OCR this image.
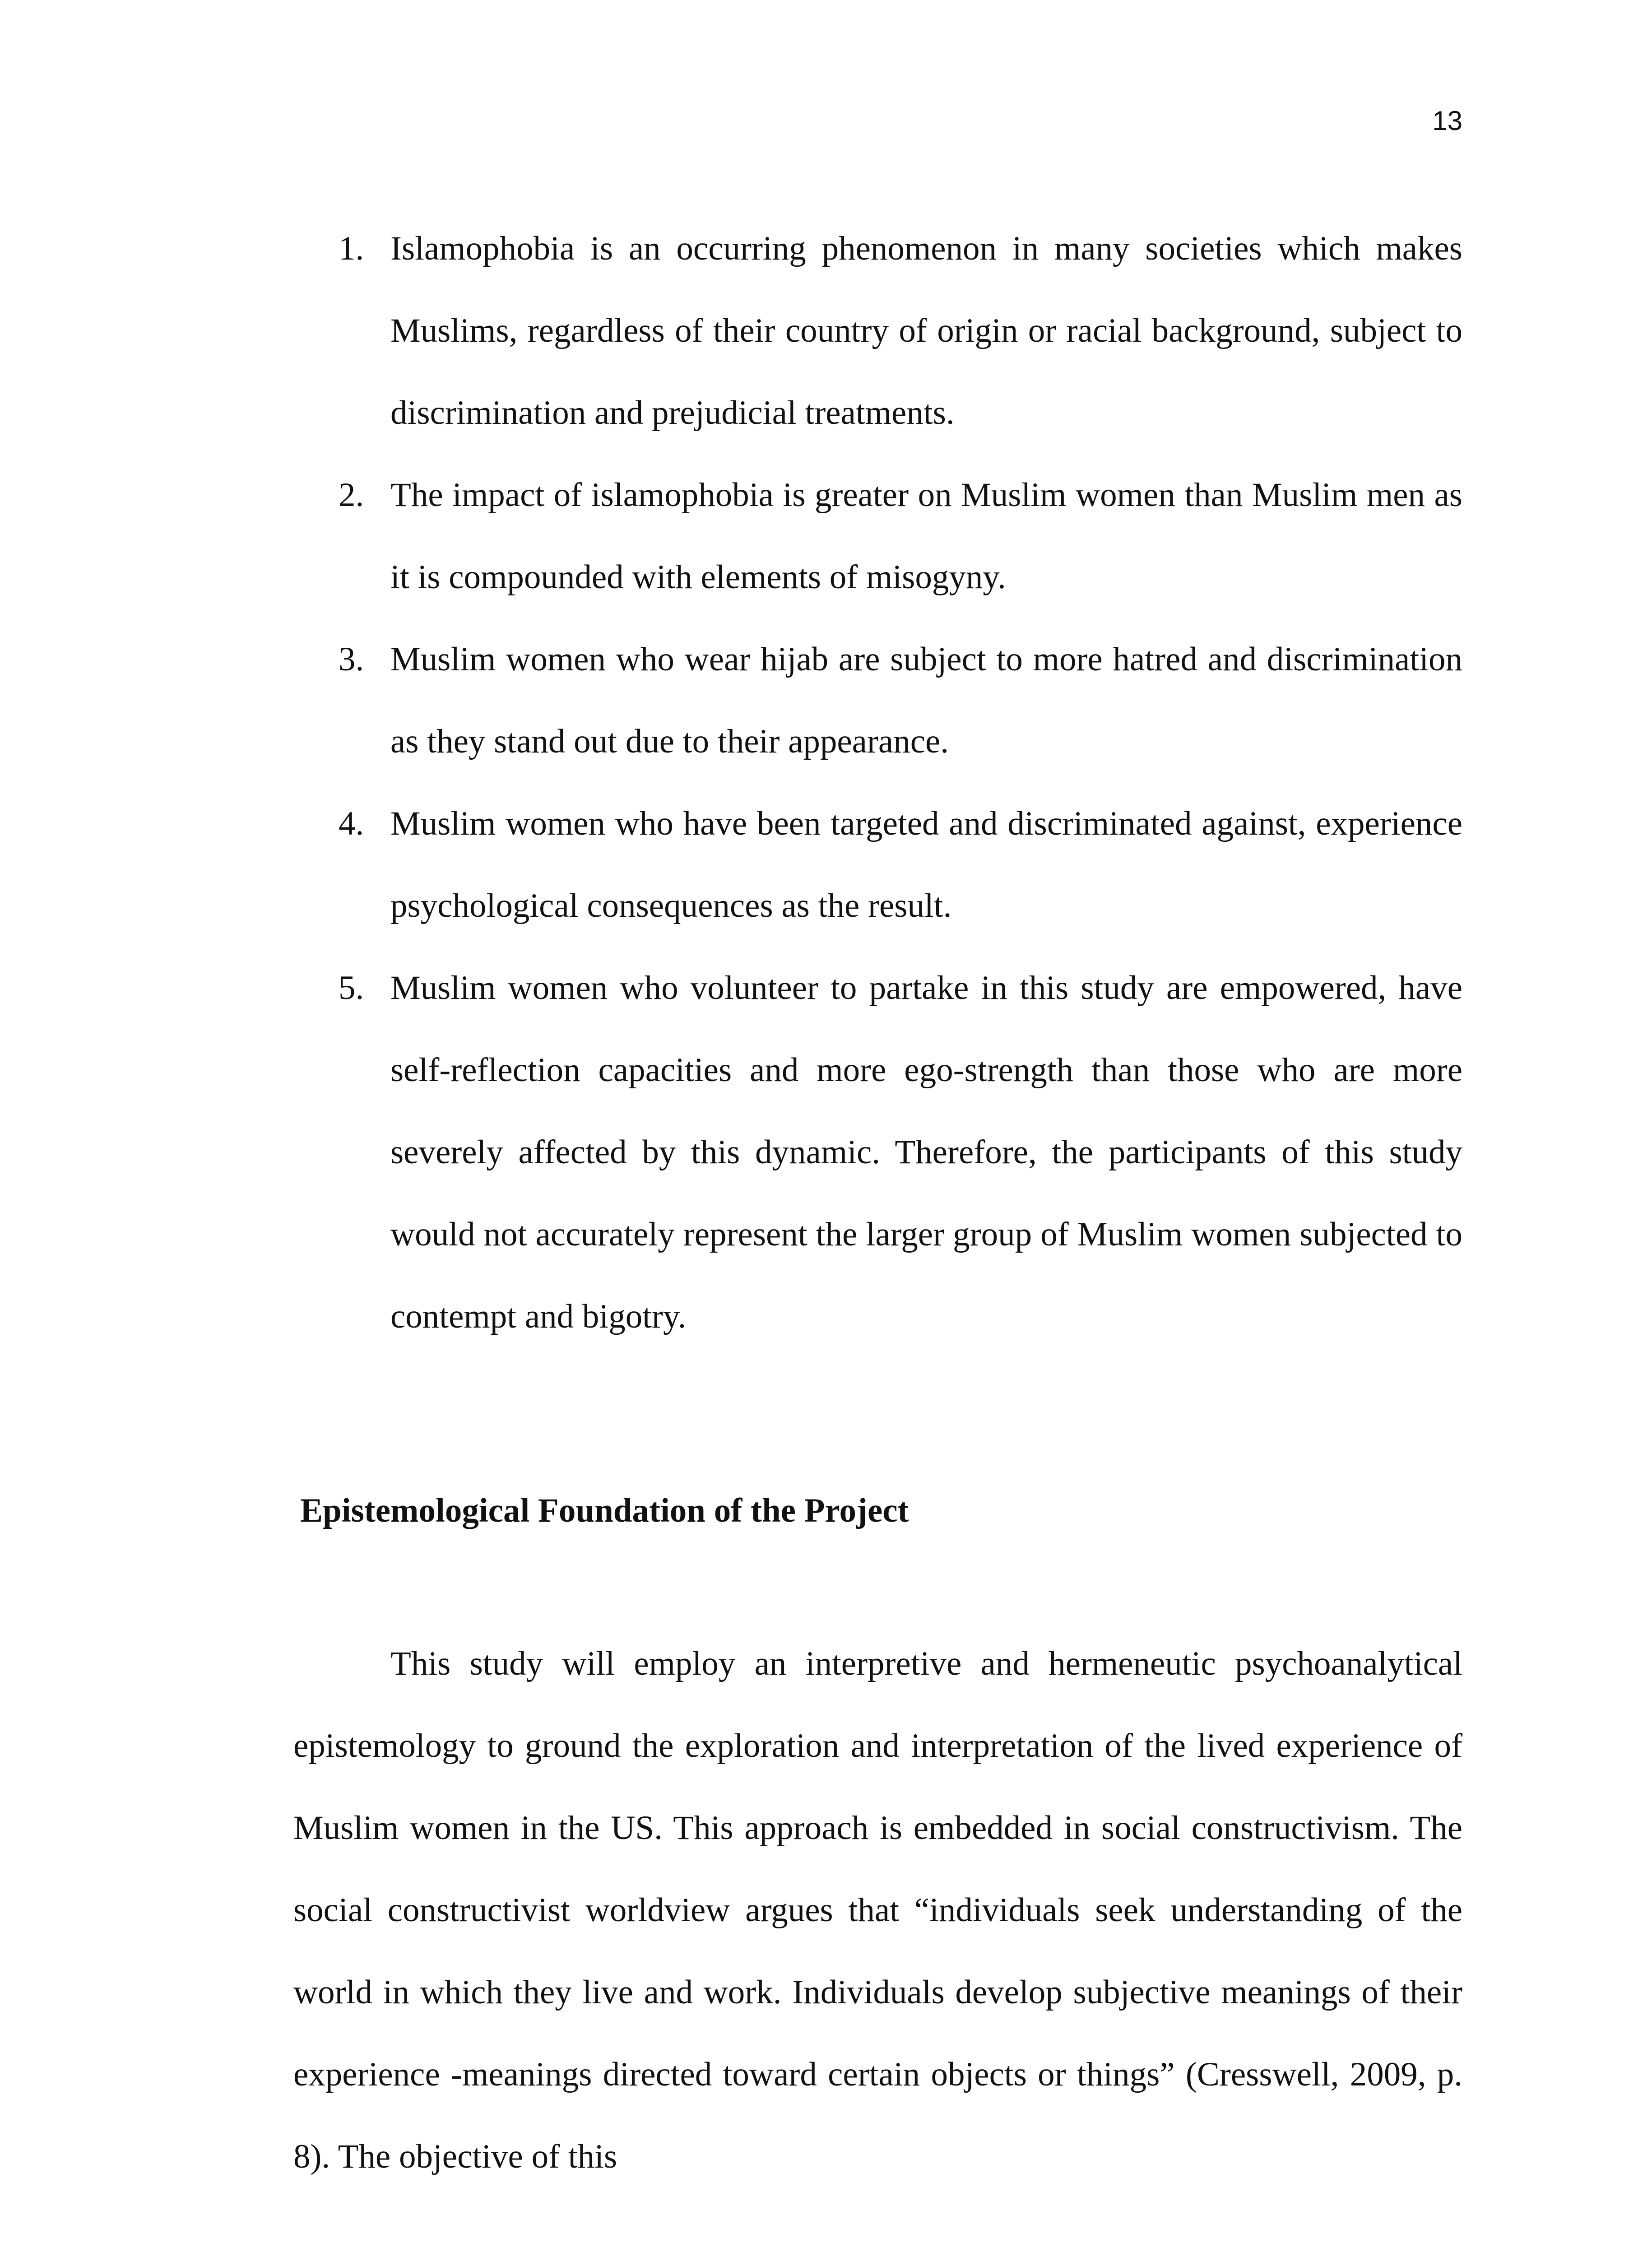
13
1. Islamophobia is an occurring phenomenon in many societies which makes Muslims, regardless of their country of origin or racial background, subject to discrimination and prejudicial treatments.
2. The impact of islamophobia is greater on Muslim women than Muslim men as it is compounded with elements of misogyny.
3. Muslim women who wear hijab are subject to more hatred and discrimination as they stand out due to their appearance.
4. Muslim women who have been targeted and discriminated against, experience psychological consequences as the result.
5. Muslim women who volunteer to partake in this study are empowered, have self-reflection capacities and more ego-strength than those who are more severely affected by this dynamic. Therefore, the participants of this study would not accurately represent the larger group of Muslim women subjected to contempt and bigotry.
Epistemological Foundation of the Project

This study will employ an interpretive and hermeneutic psychoanalytical epistemology to ground the exploration and interpretation of the lived experience of Muslim women in the US. This approach is embedded in social constructivism. The social constructivist worldview argues that “individuals seek understanding of the world in which they live and work. Individuals develop subjective meanings of their experience -meanings directed toward certain objects or things” (Cresswell, 2009, p. 8). The objective of this
